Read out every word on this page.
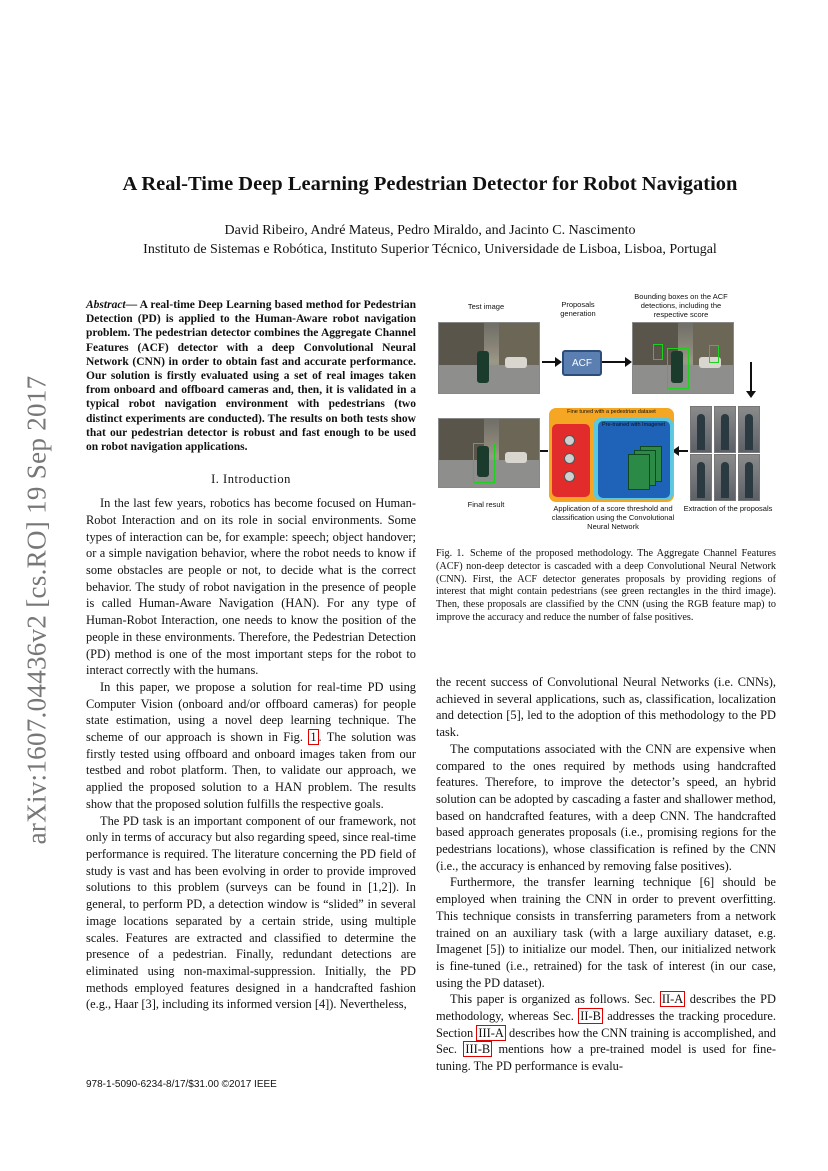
arXiv:1607.04436v2 [cs.RO] 19 Sep 2017
A Real-Time Deep Learning Pedestrian Detector for Robot Navigation
David Ribeiro, André Mateus, Pedro Miraldo, and Jacinto C. Nascimento
Instituto de Sistemas e Robótica, Instituto Superior Técnico, Universidade de Lisboa, Lisboa, Portugal

Abstract— A real-time Deep Learning based method for Pedestrian Detection (PD) is applied to the Human-Aware robot navigation problem. The pedestrian detector combines the Aggregate Channel Features (ACF) detector with a deep Convolutional Neural Network (CNN) in order to obtain fast and accurate performance. Our solution is firstly evaluated using a set of real images taken from onboard and offboard cameras and, then, it is validated in a typical robot navigation environment with pedestrians (two distinct experiments are conducted). The results on both tests show that our pedestrian detector is robust and fast enough to be used on robot navigation applications.

I. Introduction

In the last few years, robotics has become focused on Human-Robot Interaction and on its role in social environments. Some types of interaction can be, for example: speech; object handover; or a simple navigation behavior, where the robot needs to know if some obstacles are people or not, to decide what is the correct behavior. The study of robot navigation in the presence of people is called Human-Aware Navigation (HAN). For any type of Human-Robot Interaction, one needs to know the position of the people in these environments. Therefore, the Pedestrian Detection (PD) method is one of the most important steps for the robot to interact correctly with the humans.

In this paper, we propose a solution for real-time PD using Computer Vision (onboard and/or offboard cameras) for people state estimation, using a novel deep learning technique. The scheme of our approach is shown in Fig. 1 . The solution was firstly tested using offboard and onboard images taken from our testbed and robot platform. Then, to validate our approach, we applied the proposed solution to a HAN problem. The results show that the proposed solution fulfills the respective goals.

The PD task is an important component of our framework, not only in terms of accuracy but also regarding speed, since real-time performance is required. The literature concerning the PD field of study is vast and has been evolving in order to provide improved solutions to this problem (surveys can be found in [1,2]). In general, to perform PD, a detection window is “slided” in several image locations separated by a certain stride, using multiple scales. Features are extracted and classified to determine the presence of a pedestrian. Finally, redundant detections are eliminated using non-maximal-suppression. Initially, the PD methods employed features designed in a handcrafted fashion (e.g., Haar [3], including its informed version [4]). Nevertheless,

Test image	Proposals generation
Bounding boxes on the ACF detections, including the respective score
ACF
Fine tuned with a pedestrian dataset
Pre-trained with Imagenet
Final result	Application of a score threshold and classification using the Convolutional Neural Network
Extraction of the proposals
Fig. 1. Scheme of the proposed methodology. The Aggregate Channel Features (ACF) non-deep detector is cascaded with a deep Convolutional Neural Network (CNN). First, the ACF detector generates proposals by providing regions of interest that might contain pedestrians (see green rectangles in the third image). Then, these proposals are classified by the CNN (using the RGB feature map) to improve the accuracy and reduce the number of false positives.

the recent success of Convolutional Neural Networks (i.e. CNNs), achieved in several applications, such as, classification, localization and detection [5], led to the adoption of this methodology to the PD task.

The computations associated with the CNN are expensive when compared to the ones required by methods using handcrafted features. Therefore, to improve the detector’s speed, an hybrid solution can be adopted by cascading a faster and shallower method, based on handcrafted features, with a deep CNN. The handcrafted based approach generates proposals (i.e., promising regions for the pedestrians locations), whose classification is refined by the CNN (i.e., the accuracy is enhanced by removing false positives).

Furthermore, the transfer learning technique [6] should be employed when training the CNN in order to prevent overfitting. This technique consists in transferring parameters from a network trained on an auxiliary task (with a large auxiliary dataset, e.g. Imagenet [5]) to initialize our model. Then, our initialized network is fine-tuned (i.e., retrained) for the task of interest (in our case, using the PD dataset).

This paper is organized as follows. Sec. II-A describes the PD methodology, whereas Sec. II-B addresses the tracking procedure. Section III-A describes how the CNN training is accomplished, and Sec. III-B mentions how a pre-trained model is used for fine-tuning. The PD performance is evalu-

978-1-5090-6234-8/17/$31.00 ©2017 IEEE
